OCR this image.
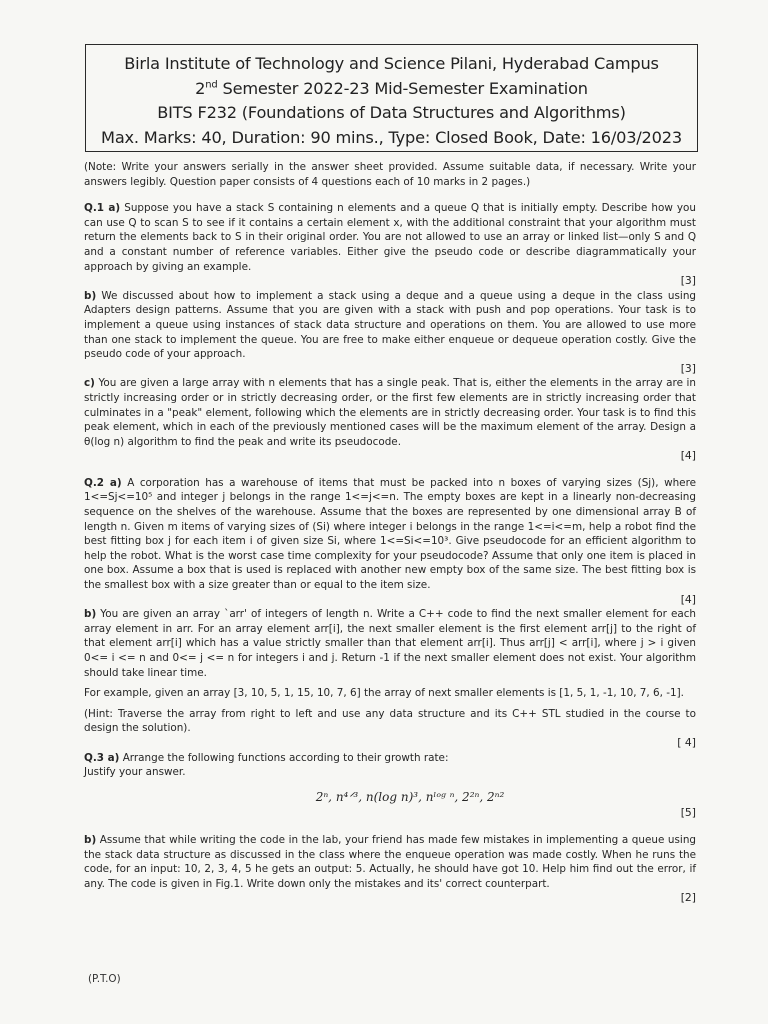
Birla Institute of Technology and Science Pilani, Hyderabad Campus
2nd Semester 2022-23 Mid-Semester Examination
BITS F232 (Foundations of Data Structures and Algorithms)
Max. Marks: 40, Duration: 90 mins., Type: Closed Book, Date: 16/03/2023

(Note: Write your answers serially in the answer sheet provided. Assume suitable data, if necessary. Write your answers legibly. Question paper consists of 4 questions each of 10 marks in 2 pages.)

Q.1 a) Suppose you have a stack S containing n elements and a queue Q that is initially empty. Describe how you can use Q to scan S to see if it contains a certain element x, with the additional constraint that your algorithm must return the elements back to S in their original order. You are not allowed to use an array or linked list—only S and Q and a constant number of reference variables. Either give the pseudo code or describe diagrammatically your approach by giving an example.

[3]

b) We discussed about how to implement a stack using a deque and a queue using a deque in the class using Adapters design patterns. Assume that you are given with a stack with push and pop operations. Your task is to implement a queue using instances of stack data structure and operations on them. You are allowed to use more than one stack to implement the queue. You are free to make either enqueue or dequeue operation costly. Give the pseudo code of your approach.

[3]

c) You are given a large array with n elements that has a single peak. That is, either the elements in the array are in strictly increasing order or in strictly decreasing order, or the first few elements are in strictly increasing order that culminates in a "peak" element, following which the elements are in strictly decreasing order. Your task is to find this peak element, which in each of the previously mentioned cases will be the maximum element of the array. Design a θ(log n) algorithm to find the peak and write its pseudocode.

[4]

Q.2 a) A corporation has a warehouse of items that must be packed into n boxes of varying sizes (Sj), where 1<=Sj<=10⁵ and integer j belongs in the range 1<=j<=n. The empty boxes are kept in a linearly non-decreasing sequence on the shelves of the warehouse. Assume that the boxes are represented by one dimensional array B of length n. Given m items of varying sizes of (Si) where integer i belongs in the range 1<=i<=m, help a robot find the best fitting box j for each item i of given size Si, where 1<=Si<=10³. Give pseudocode for an efficient algorithm to help the robot. What is the worst case time complexity for your pseudocode? Assume that only one item is placed in one box. Assume a box that is used is replaced with another new empty box of the same size. The best fitting box is the smallest box with a size greater than or equal to the item size.

[4]

b) You are given an array `arr' of integers of length n. Write a C++ code to find the next smaller element for each array element in arr. For an array element arr[i], the next smaller element is the first element arr[j] to the right of that element arr[i] which has a value strictly smaller than that element arr[i]. Thus arr[j] < arr[i], where j > i given 0<= i <= n and 0<= j <= n for integers i and j. Return -1 if the next smaller element does not exist. Your algorithm should take linear time.

For example, given an array [3, 10, 5, 1, 15, 10, 7, 6] the array of next smaller elements is [1, 5, 1, -1, 10, 7, 6, -1].

(Hint: Traverse the array from right to left and use any data structure and its C++ STL studied in the course to design the solution).

[ 4]

Q.3 a) Arrange the following functions according to their growth rate:

Justify your answer.

2ⁿ, n⁴ᐟ³, n(log n)³, nˡᵒᵍ ⁿ, 2²ⁿ, 2ⁿ²
[5]

b) Assume that while writing the code in the lab, your friend has made few mistakes in implementing a queue using the stack data structure as discussed in the class where the enqueue operation was made costly. When he runs the code, for an input: 10, 2, 3, 4, 5 he gets an output: 5. Actually, he should have got 10. Help him find out the error, if any. The code is given in Fig.1. Write down only the mistakes and its' correct counterpart.

[2]
(P.T.O)
